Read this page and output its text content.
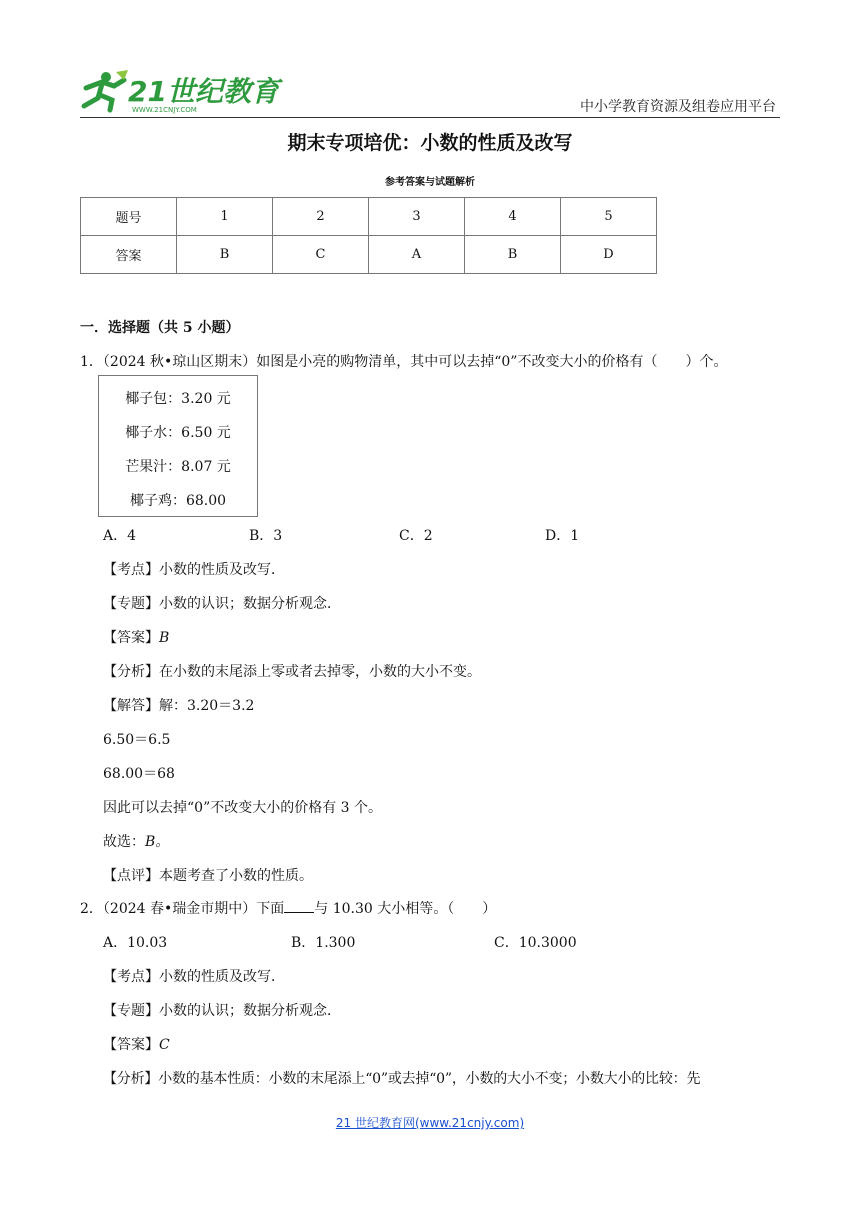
21世纪教育
WWW.21CNJY.COM	中小学教育资源及组卷应用平台
期末专项培优：小数的性质及改写
参考答案与试题解析
题号	1	2	3	4	5
答案	B	C	A	B	D
一．选择题（共 5 小题）
1．（2024 秋•琼山区期末）如图是小亮的购物清单，其中可以去掉“0”不改变大小的价格有（　　）个。
椰子包：3.20 元
椰子水：6.50 元
芒果汁：8.07 元
椰子鸡：68.00
A．4	B．3	C．2	D．1
【考点】小数的性质及改写．
【专题】小数的认识；数据分析观念．
【答案】B
【分析】在小数的末尾添上零或者去掉零，小数的大小不变。
【解答】解：3.20＝3.2
6.50＝6.5
68.00＝68
因此可以去掉“0”不改变大小的价格有 3 个。
故选：B。
【点评】本题考查了小数的性质。
2．（2024 春•瑞金市期中）下面 与 10.30 大小相等。（　　）
A．10.03	B．1.300	C．10.3000
【考点】小数的性质及改写．
【专题】小数的认识；数据分析观念．
【答案】C
【分析】小数的基本性质：小数的末尾添上“0”或去掉“0”，小数的大小不变；小数大小的比较：先
21 世纪教育网(www.21cnjy.com)
